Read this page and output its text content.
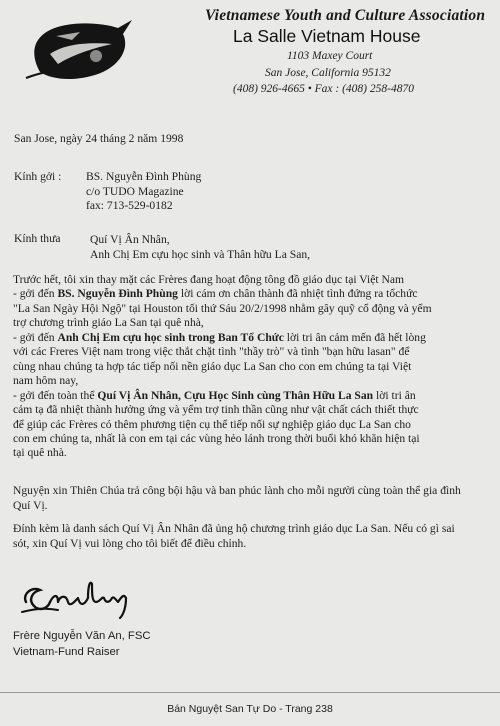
Vietnamese Youth and Culture Association
La Salle Vietnam House
1103 Maxey Court
San Jose, California 95132
(408) 926-4665 • Fax : (408) 258-4870
San Jose, ngày 24 tháng 2 năm 1998
Kính gởi : BS. Nguyễn Đình Phùng
c/o TUDO Magazine
fax: 713-529-0182
Kính thưa	Quí Vị Ân Nhân,
Anh Chị Em cựu học sinh và Thân hữu La San,
Trước hết, tôi xin thay mặt các Frères đang hoạt động tông đồ giáo dục tại Việt Nam
- gởi đến BS. Nguyễn Đình Phùng lời cám ơn chân thành đã nhiệt tình đứng ra tổchức
"La San Ngày Hội Ngộ" tại Houston tối thứ Sáu 20/2/1998 nhằm gây quỹ cổ động và yểm
trợ chương trình giáo La San tại quê nhà,
- gởi đến Anh Chị Em cựu học sinh trong Ban Tổ Chức lời tri ân cảm mến đã hết lòng
với các Freres Việt nam trong việc thắt chặt tình "thầy trò" và tình "bạn hữu lasan" để
cùng nhau chúng ta hợp tác tiếp nối nền giáo dục La San cho con em chúng ta tại Việt
nam hôm nay,
- gởi đến toàn thể Quí Vị Ân Nhân, Cựu Học Sinh cùng Thân Hữu La San lời tri ân
cảm tạ đã nhiệt thành hưởng ứng và yểm trợ tinh thần cũng như vật chất cách thiết thực
để giúp các Frères có thêm phương tiện cụ thể tiếp nối sự nghiệp giáo dục La San cho
con em chúng ta, nhất là con em tại các vùng hẻo lánh trong thời buổi khó khăn hiện tại
tại quê nhà.
Nguyện xin Thiên Chúa trả công bội hậu và ban phúc lành cho mỗi người cùng toàn thể gia đình
Quí Vị.
Đính kèm là danh sách Quí Vị Ân Nhân đã ủng hộ chương trình giáo dục La San. Nếu có gì sai
sót, xin Quí Vị vui lòng cho tôi biết để điều chỉnh.
Frère Nguyễn Văn An, FSC
Vietnam-Fund Raiser
Bán Nguyệt San Tự Do - Trang 238
